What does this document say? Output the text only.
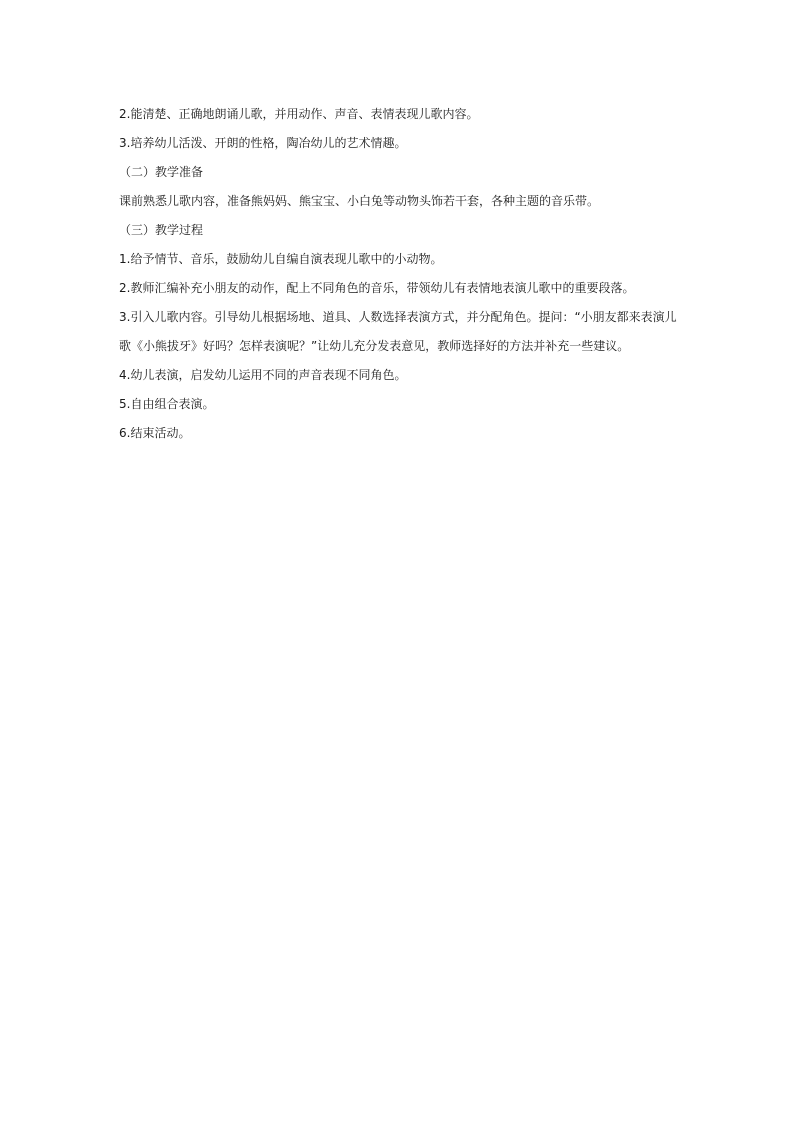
2.能清楚、正确地朗诵儿歌，并用动作、声音、表情表现儿歌内容。

3.培养幼儿活泼、开朗的性格，陶冶幼儿的艺术情趣。

（二）教学准备

课前熟悉儿歌内容，准备熊妈妈、熊宝宝、小白兔等动物头饰若干套，各种主题的音乐带。

（三）教学过程

1.给予情节、音乐，鼓励幼儿自编自演表现儿歌中的小动物。

2.教师汇编补充小朋友的动作，配上不同角色的音乐，带领幼儿有表情地表演儿歌中的重要段落。

3.引入儿歌内容。引导幼儿根据场地、道具、人数选择表演方式，并分配角色。提问：“小朋友都来表演儿

歌《小熊拔牙》好吗？怎样表演呢？”让幼儿充分发表意见，教师选择好的方法并补充一些建议。

4.幼儿表演，启发幼儿运用不同的声音表现不同角色。

5.自由组合表演。

6.结束活动。
